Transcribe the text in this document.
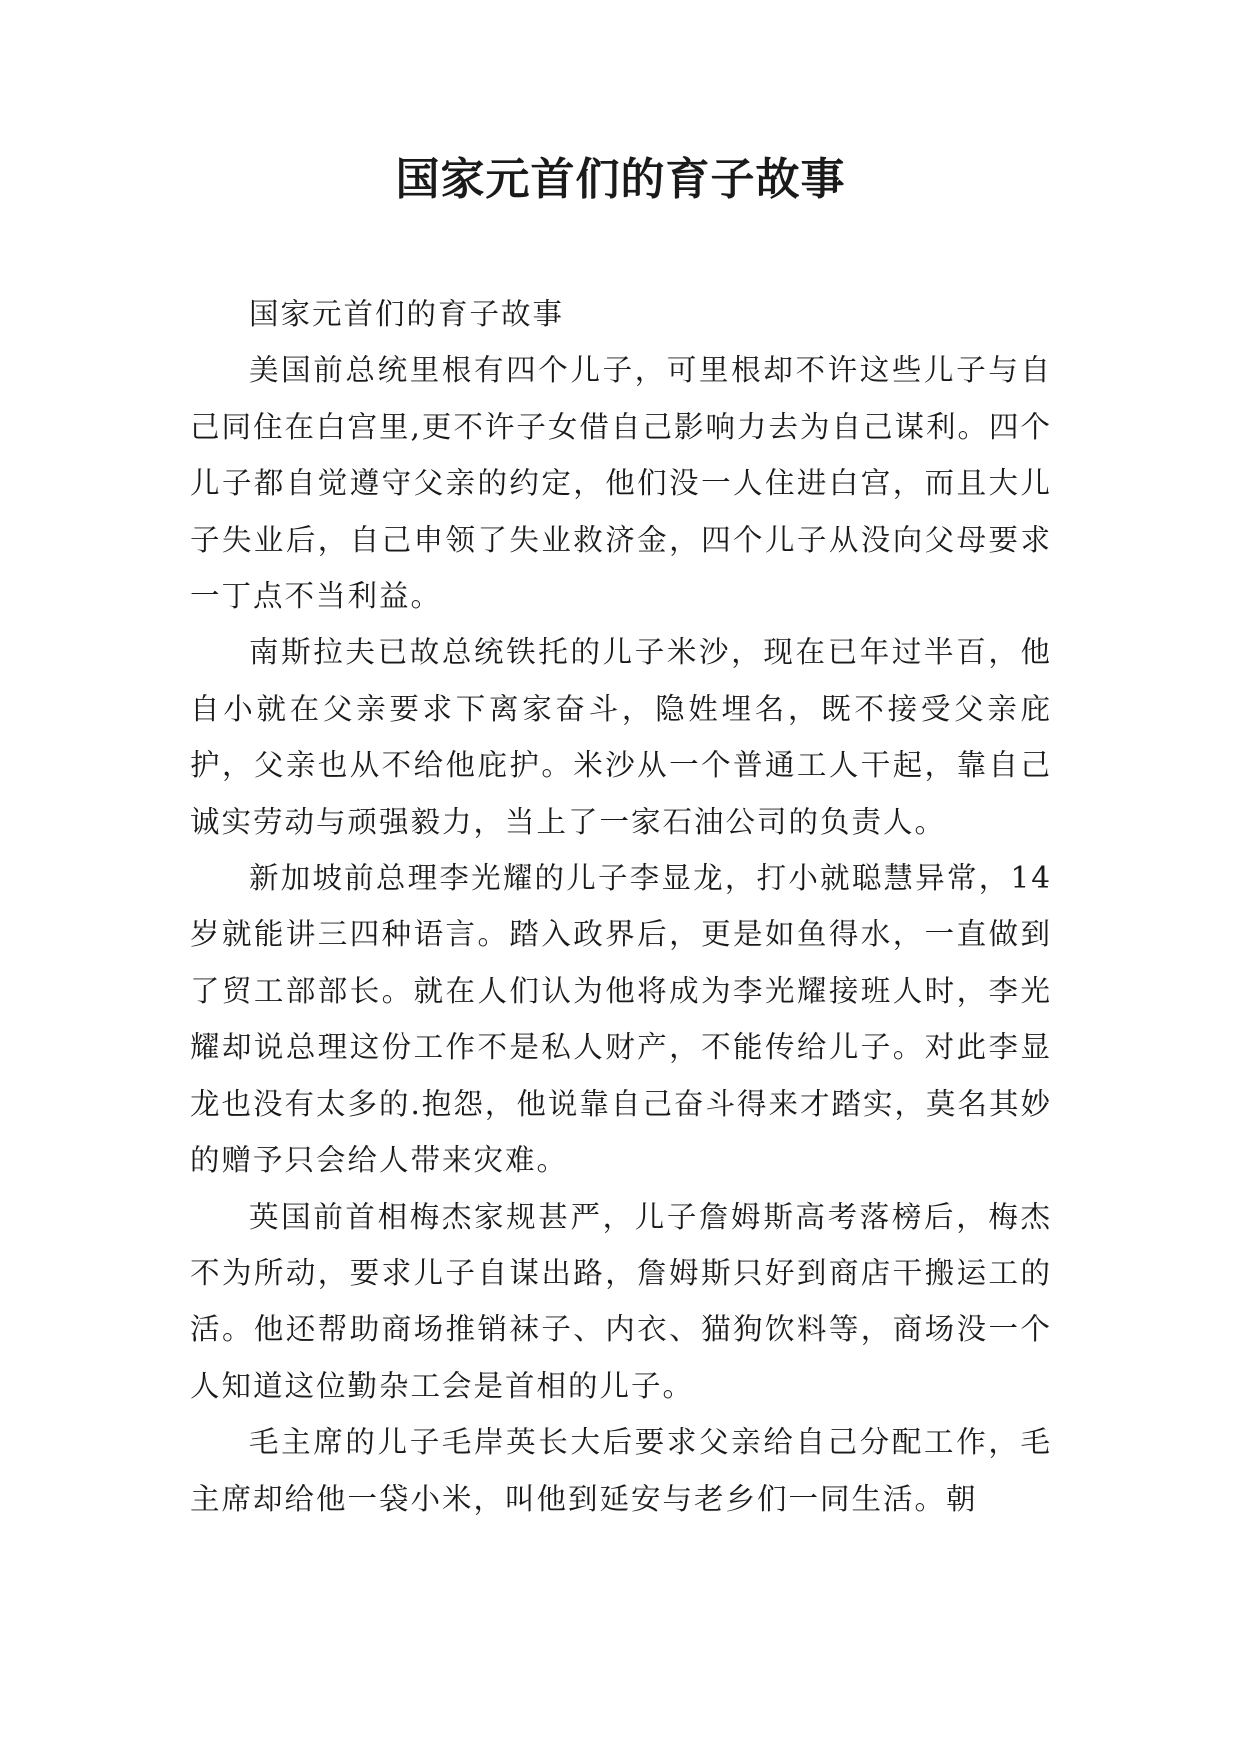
国家元首们的育子故事

国家元首们的育子故事

美国前总统里根有四个儿子，可里根却不许这些儿子与自己同住在白宫里,更不许子女借自己影响力去为自己谋利。四个儿子都自觉遵守父亲的约定，他们没一人住进白宫，而且大儿子失业后，自己申领了失业救济金，四个儿子从没向父母要求一丁点不当利益。

南斯拉夫已故总统铁托的儿子米沙，现在已年过半百，他自小就在父亲要求下离家奋斗，隐姓埋名，既不接受父亲庇护，父亲也从不给他庇护。米沙从一个普通工人干起，靠自己诚实劳动与顽强毅力，当上了一家石油公司的负责人。

新加坡前总理李光耀的儿子李显龙，打小就聪慧异常，14岁就能讲三四种语言。踏入政界后，更是如鱼得水，一直做到了贸工部部长。就在人们认为他将成为李光耀接班人时，李光耀却说总理这份工作不是私人财产，不能传给儿子。对此李显龙也没有太多的.抱怨，他说靠自己奋斗得来才踏实，莫名其妙的赠予只会给人带来灾难。

英国前首相梅杰家规甚严，儿子詹姆斯高考落榜后，梅杰不为所动，要求儿子自谋出路，詹姆斯只好到商店干搬运工的活。他还帮助商场推销袜子、内衣、猫狗饮料等，商场没一个人知道这位勤杂工会是首相的儿子。

毛主席的儿子毛岸英长大后要求父亲给自己分配工作，毛主席却给他一袋小米，叫他到延安与老乡们一同生活。朝
